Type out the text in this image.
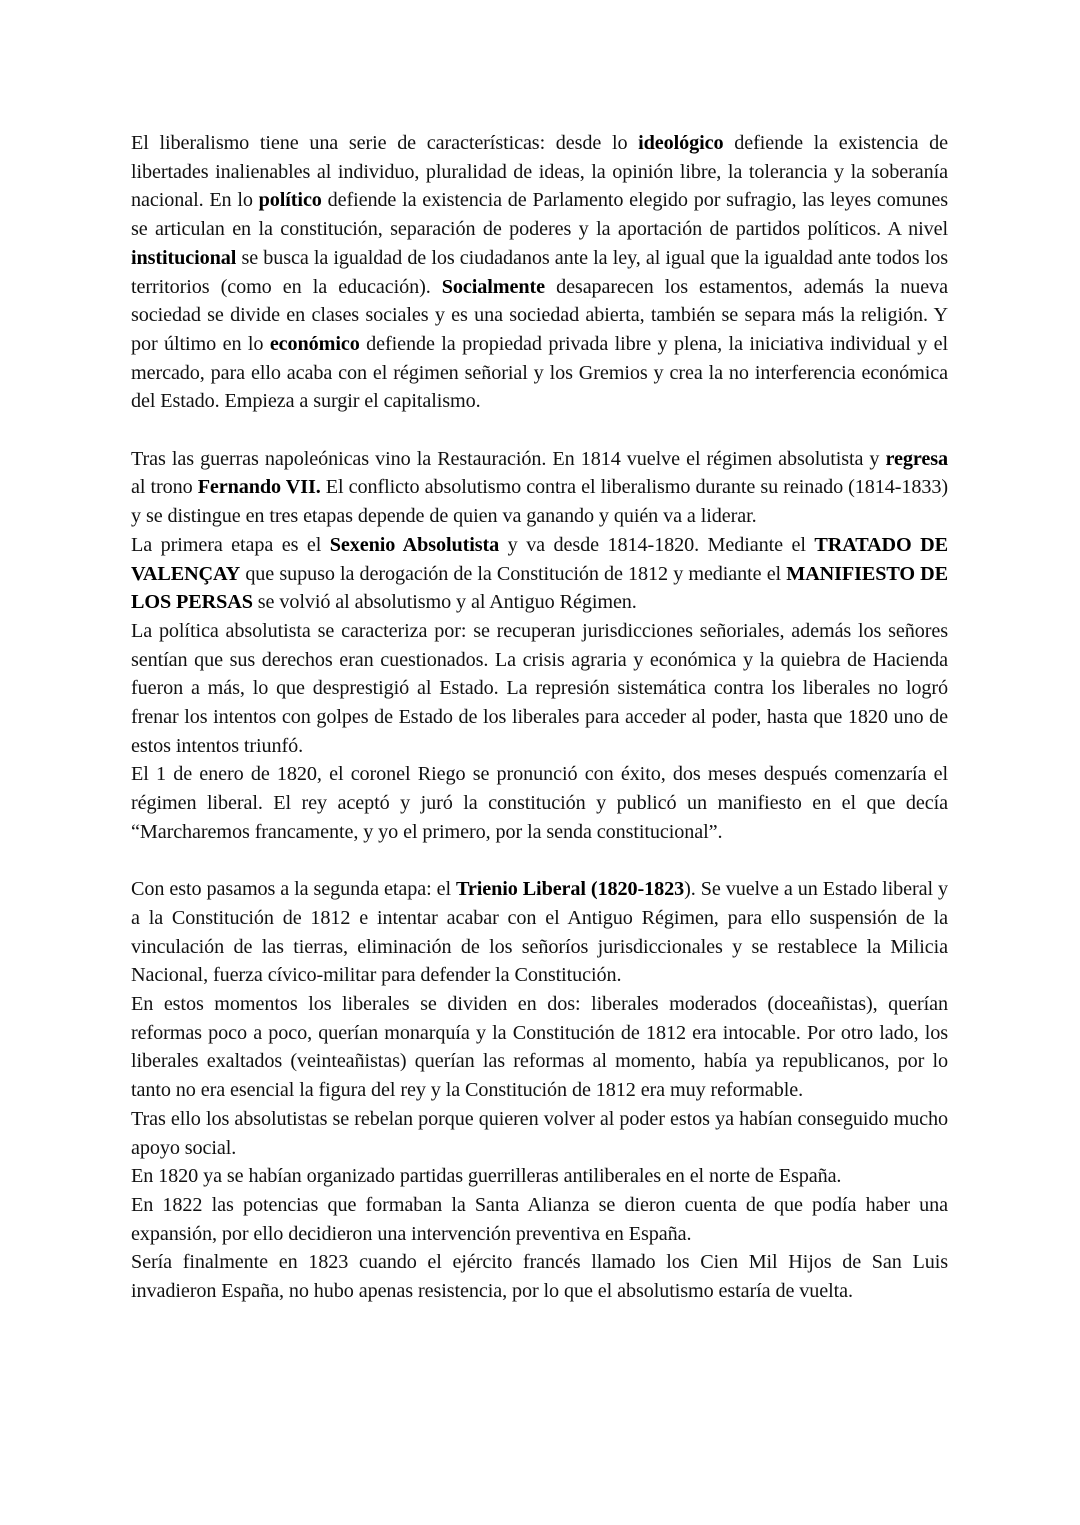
El liberalismo tiene una serie de características: desde lo ideológico defiende la existencia de libertades inalienables al individuo, pluralidad de ideas, la opinión libre, la tolerancia y la soberanía nacional. En lo político defiende la existencia de Parlamento elegido por sufragio, las leyes comunes se articulan en la constitución, separación de poderes y la aportación de partidos políticos. A nivel institucional se busca la igualdad de los ciudadanos ante la ley, al igual que la igualdad ante todos los territorios (como en la educación). Socialmente desaparecen los estamentos, además la nueva sociedad se divide en clases sociales y es una sociedad abierta, también se separa más la religión. Y por último en lo económico defiende la propiedad privada libre y plena, la iniciativa individual y el mercado, para ello acaba con el régimen señorial y los Gremios y crea la no interferencia económica del Estado. Empieza a surgir el capitalismo.

Tras las guerras napoleónicas vino la Restauración. En 1814 vuelve el régimen absolutista y regresa al trono Fernando VII. El conflicto absolutismo contra el liberalismo durante su reinado (1814-1833) y se distingue en tres etapas depende de quien va ganando y quién va a liderar.

La primera etapa es el Sexenio Absolutista y va desde 1814-1820. Mediante el TRATADO DE VALENÇAY que supuso la derogación de la Constitución de 1812 y mediante el MANIFIESTO DE LOS PERSAS se volvió al absolutismo y al Antiguo Régimen.

La política absolutista se caracteriza por: se recuperan jurisdicciones señoriales, además los señores sentían que sus derechos eran cuestionados. La crisis agraria y económica y la quiebra de Hacienda fueron a más, lo que desprestigió al Estado. La represión sistemática contra los liberales no logró frenar los intentos con golpes de Estado de los liberales para acceder al poder, hasta que 1820 uno de estos intentos triunfó.

El 1 de enero de 1820, el coronel Riego se pronunció con éxito, dos meses después comenzaría el régimen liberal. El rey aceptó y juró la constitución y publicó un manifiesto en el que decía “Marcharemos francamente, y yo el primero, por la senda constitucional”.

Con esto pasamos a la segunda etapa: el Trienio Liberal (1820-1823). Se vuelve a un Estado liberal y a la Constitución de 1812 e intentar acabar con el Antiguo Régimen, para ello suspensión de la vinculación de las tierras, eliminación de los señoríos jurisdiccionales y se restablece la Milicia Nacional, fuerza cívico-militar para defender la Constitución.

En estos momentos los liberales se dividen en dos: liberales moderados (doceañistas), querían reformas poco a poco, querían monarquía y la Constitución de 1812 era intocable. Por otro lado, los liberales exaltados (veinteañistas) querían las reformas al momento, había ya republicanos, por lo tanto no era esencial la figura del rey y la Constitución de 1812 era muy reformable.

Tras ello los absolutistas se rebelan porque quieren volver al poder estos ya habían conseguido mucho apoyo social.

En 1820 ya se habían organizado partidas guerrilleras antiliberales en el norte de España.

En 1822 las potencias que formaban la Santa Alianza se dieron cuenta de que podía haber una expansión, por ello decidieron una intervención preventiva en España.

Sería finalmente en 1823 cuando el ejército francés llamado los Cien Mil Hijos de San Luis invadieron España, no hubo apenas resistencia, por lo que el absolutismo estaría de vuelta.
